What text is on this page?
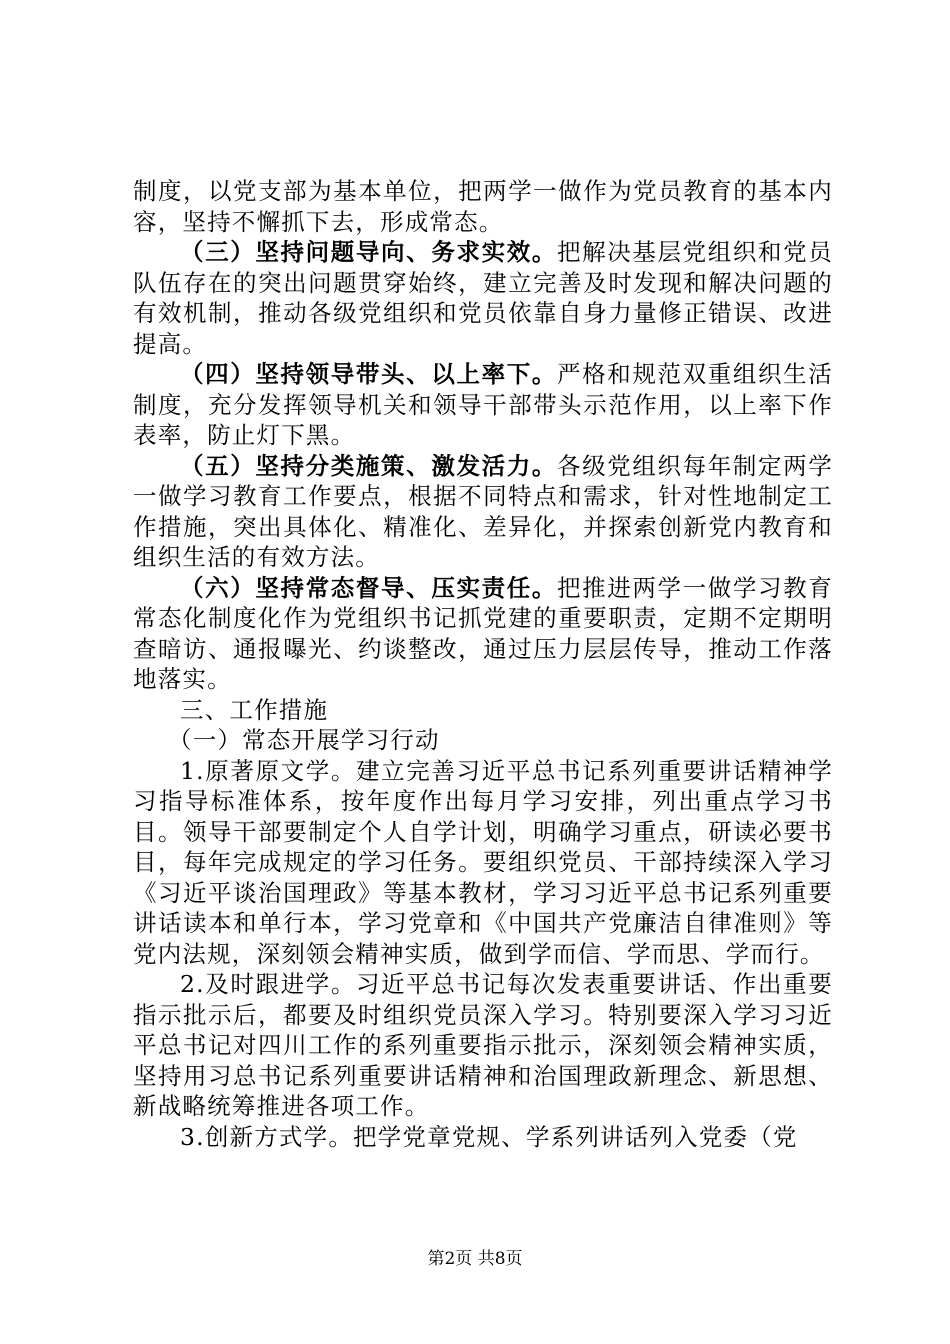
制度，以党支部为基本单位，把两学一做作为党员教育的基本内容，坚持不懈抓下去，形成常态。

（三）坚持问题导向、务求实效。把解决基层党组织和党员队伍存在的突出问题贯穿始终，建立完善及时发现和解决问题的有效机制，推动各级党组织和党员依靠自身力量修正错误、改进提高。

（四）坚持领导带头、以上率下。严格和规范双重组织生活制度，充分发挥领导机关和领导干部带头示范作用，以上率下作表率，防止灯下黑。

（五）坚持分类施策、激发活力。各级党组织每年制定两学一做学习教育工作要点，根据不同特点和需求，针对性地制定工作措施，突出具体化、精准化、差异化，并探索创新党内教育和组织生活的有效方法。

（六）坚持常态督导、压实责任。把推进两学一做学习教育常态化制度化作为党组织书记抓党建的重要职责，定期不定期明查暗访、通报曝光、约谈整改，通过压力层层传导，推动工作落地落实。

三、工作措施

（一）常态开展学习行动

1.原著原文学。建立完善习近平总书记系列重要讲话精神学习指导标准体系，按年度作出每月学习安排，列出重点学习书目。领导干部要制定个人自学计划，明确学习重点，研读必要书目，每年完成规定的学习任务。要组织党员、干部持续深入学习《习近平谈治国理政》等基本教材，学习习近平总书记系列重要讲话读本和单行本，学习党章和《中国共产党廉洁自律准则》等党内法规，深刻领会精神实质，做到学而信、学而思、学而行。

2.及时跟进学。习近平总书记每次发表重要讲话、作出重要指示批示后，都要及时组织党员深入学习。特别要深入学习习近平总书记对四川工作的系列重要指示批示，深刻领会精神实质，坚持用习总书记系列重要讲话精神和治国理政新理念、新思想、新战略统筹推进各项工作。

3.创新方式学。把学党章党规、学系列讲话列入党委（党

第2页 共8页
